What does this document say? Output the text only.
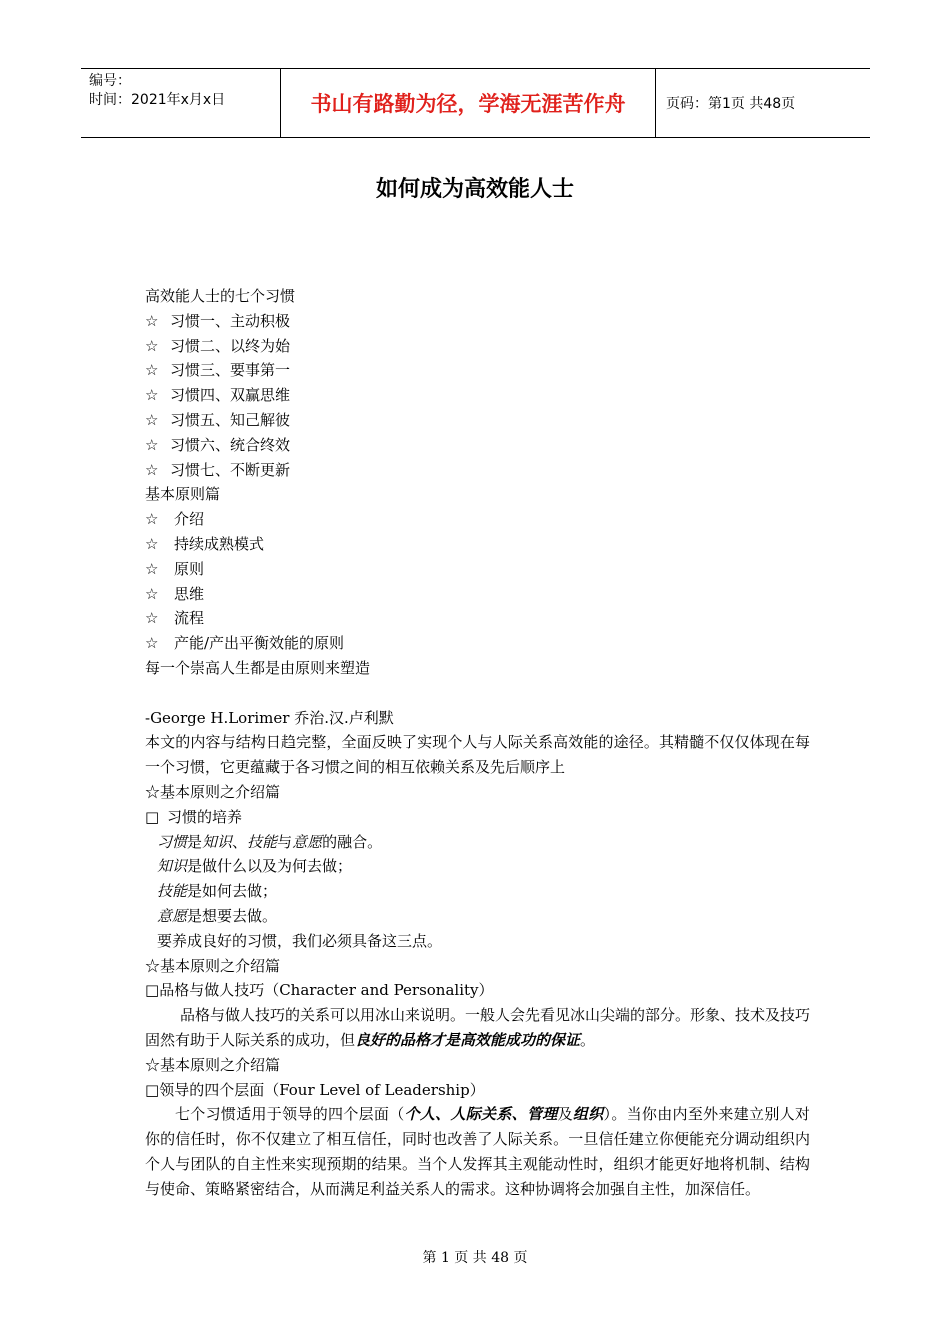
编号：
时间：2021年x月x日	书山有路勤为径，学海无涯苦作舟	页码：第1页 共48页
如何成为高效能人士
高效能人士的七个习惯
☆ 习惯一、主动积极
☆ 习惯二、以终为始
☆ 习惯三、要事第一
☆ 习惯四、双赢思维
☆ 习惯五、知己解彼
☆ 习惯六、统合终效
☆ 习惯七、不断更新
基本原则篇
☆ 介绍
☆ 持续成熟模式
☆ 原则
☆ 思维
☆ 流程
☆ 产能/产出平衡效能的原则
每一个崇高人生都是由原则来塑造
-George H.Lorimer 乔治.汉.卢利默
本文的内容与结构日趋完整，全面反映了实现个人与人际关系高效能的途径。其精髓不仅仅体现在每一个习惯，它更蕴藏于各习惯之间的相互依赖关系及先后顺序上
☆基本原则之介绍篇
□ 习惯的培养
习惯是知识、技能与意愿的融合。
知识是做什么以及为何去做；
技能是如何去做；
意愿是想要去做。
要养成良好的习惯，我们必须具备这三点。
☆基本原则之介绍篇
□品格与做人技巧（Character and Personality）
品格与做人技巧的关系可以用冰山来说明。一般人会先看见冰山尖端的部分。形象、技术及技巧固然有助于人际关系的成功，但良好的品格才是高效能成功的保证。
☆基本原则之介绍篇
□领导的四个层面（Four Level of Leadership）
七个习惯适用于领导的四个层面（个人、人际关系、管理及组织）。当你由内至外来建立别人对你的信任时，你不仅建立了相互信任，同时也改善了人际关系。一旦信任建立你便能充分调动组织内个人与团队的自主性来实现预期的结果。当个人发挥其主观能动性时，组织才能更好地将机制、结构与使命、策略紧密结合，从而满足利益关系人的需求。这种协调将会加强自主性，加深信任。
第 1 页 共 48 页
